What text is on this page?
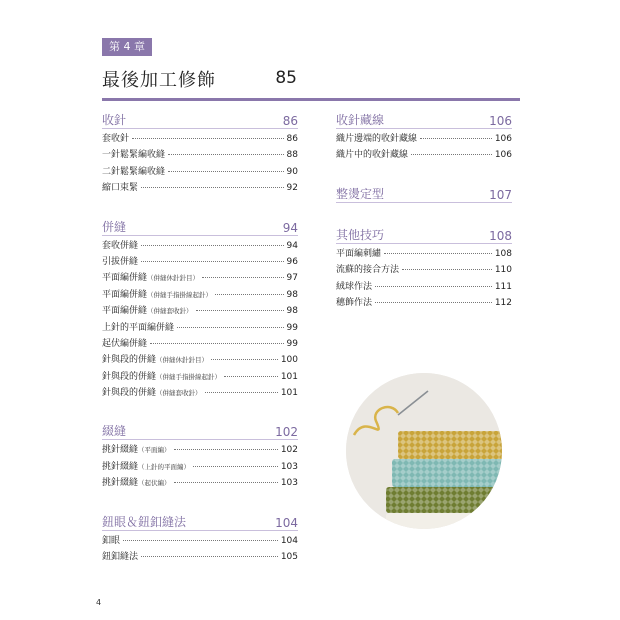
第 4 章
最後加工修飾	85
收針	86
套收針	86
一針鬆緊編收縫	88
二針鬆緊編收縫	90
縮口束緊	92
併縫	94
套收併縫	94
引拔併縫	96
平面編併縫 （併縫休針針目）	97
平面編併縫 （併縫手指掛線起針）	98
平面編併縫 （併縫套收針）	98
上針的平面編併縫	99
起伏編併縫	99
針與段的併縫 （併縫休針針目）	100
針與段的併縫 （併縫手指掛線起針）	101
針與段的併縫 （併縫套收針）	101
綴縫	102
挑針綴縫 （平面編）	102
挑針綴縫 （上針的平面編）	103
挑針綴縫 （起伏編）	103
鈕眼＆鈕釦縫法	104
釦眼	104
鈕釦縫法	105
收針藏線	106
織片邊端的收針藏線	106
織片中的收針藏線	106
整燙定型	107
其他技巧	108
平面編刺繡	108
流蘇的接合方法	110
絨球作法	111
穗飾作法	112
4
